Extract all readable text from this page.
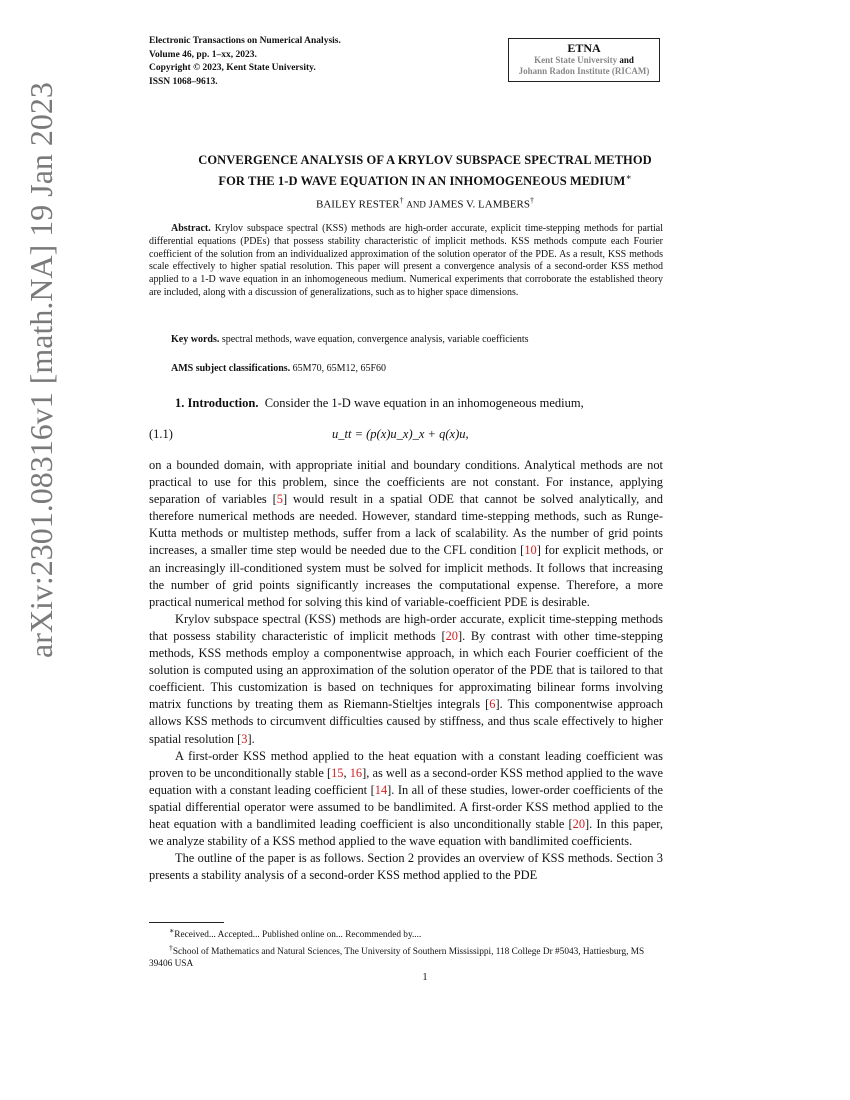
arXiv:2301.08316v1 [math.NA] 19 Jan 2023
Electronic Transactions on Numerical Analysis.
Volume 46, pp. 1–xx, 2023.
Copyright © 2023, Kent State University.
ISSN 1068–9613.
ETNA
Kent State University and
Johann Radon Institute (RICAM)
CONVERGENCE ANALYSIS OF A KRYLOV SUBSPACE SPECTRAL METHOD
FOR THE 1-D WAVE EQUATION IN AN INHOMOGENEOUS MEDIUM∗
BAILEY RESTER† AND JAMES V. LAMBERS†
Abstract. Krylov subspace spectral (KSS) methods are high-order accurate, explicit time-stepping methods for partial differential equations (PDEs) that possess stability characteristic of implicit methods. KSS methods compute each Fourier coefficient of the solution from an individualized approximation of the solution operator of the PDE. As a result, KSS methods scale effectively to higher spatial resolution. This paper will present a convergence analysis of a second-order KSS method applied to a 1-D wave equation in an inhomogeneous medium. Numerical experiments that corroborate the established theory are included, along with a discussion of generalizations, such as to higher space dimensions.
Key words. spectral methods, wave equation, convergence analysis, variable coefficients
AMS subject classifications. 65M70, 65M12, 65F60
1. Introduction. Consider the 1-D wave equation in an inhomogeneous medium,
(1.1)	u_tt = (p(x)u_x)_x + q(x)u,

on a bounded domain, with appropriate initial and boundary conditions. Analytical methods are not practical to use for this problem, since the coefficients are not constant. For instance, applying separation of variables [5] would result in a spatial ODE that cannot be solved analytically, and therefore numerical methods are needed. However, standard time-stepping methods, such as Runge-Kutta methods or multistep methods, suffer from a lack of scalability. As the number of grid points increases, a smaller time step would be needed due to the CFL condition [10] for explicit methods, or an increasingly ill-conditioned system must be solved for implicit methods. It follows that increasing the number of grid points significantly increases the computational expense. Therefore, a more practical numerical method for solving this kind of variable-coefficient PDE is desirable.

Krylov subspace spectral (KSS) methods are high-order accurate, explicit time-stepping methods that possess stability characteristic of implicit methods [20]. By contrast with other time-stepping methods, KSS methods employ a componentwise approach, in which each Fourier coefficient of the solution is computed using an approximation of the solution operator of the PDE that is tailored to that coefficient. This customization is based on techniques for approximating bilinear forms involving matrix functions by treating them as Riemann-Stieltjes integrals [6]. This componentwise approach allows KSS methods to circumvent difficulties caused by stiffness, and thus scale effectively to higher spatial resolution [3].

A first-order KSS method applied to the heat equation with a constant leading coefficient was proven to be unconditionally stable [15, 16], as well as a second-order KSS method applied to the wave equation with a constant leading coefficient [14]. In all of these studies, lower-order coefficients of the spatial differential operator were assumed to be bandlimited. A first-order KSS method applied to the heat equation with a bandlimited leading coefficient is also unconditionally stable [20]. In this paper, we analyze stability of a KSS method applied to the wave equation with bandlimited coefficients.

The outline of the paper is as follows. Section 2 provides an overview of KSS methods. Section 3 presents a stability analysis of a second-order KSS method applied to the PDE

∗Received... Accepted... Published online on... Recommended by....

†School of Mathematics and Natural Sciences, The University of Southern Mississippi, 118 College Dr #5043, Hattiesburg, MS 39406 USA

1
